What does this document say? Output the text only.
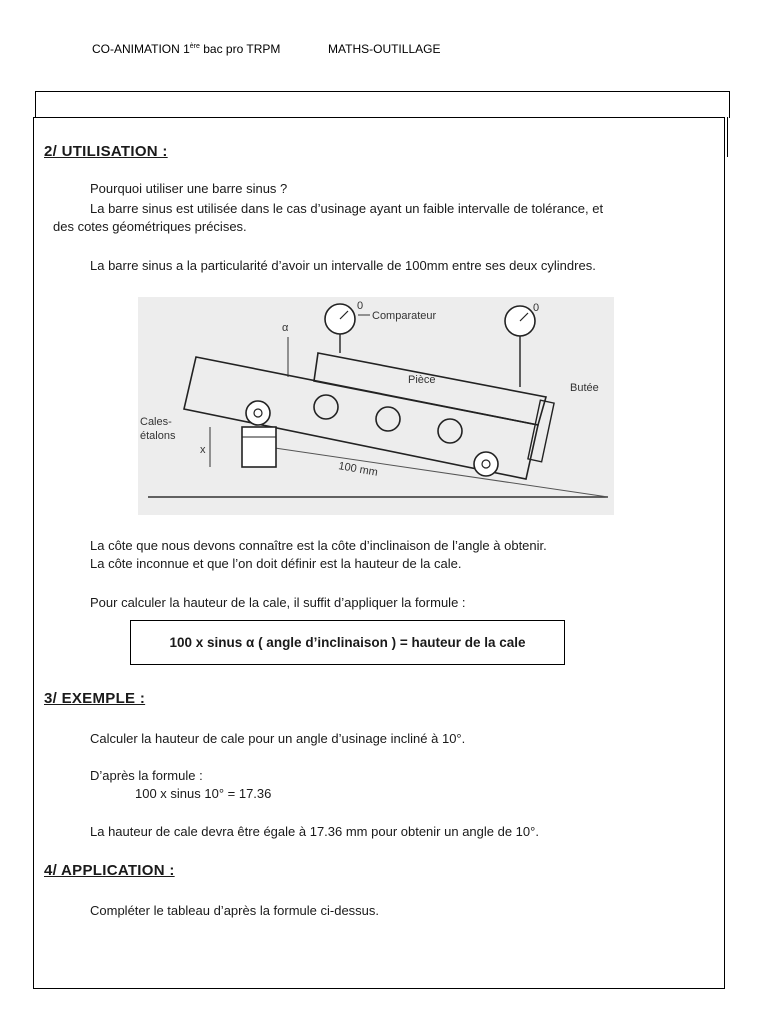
CO-ANIMATION 1ère bac pro TRPM	MATHS-OUTILLAGE
2/ UTILISATION :
Pourquoi utiliser une barre sinus ?
La barre sinus est utilisée dans le cas d’usinage ayant un faible intervalle de tolérance, et
des cotes géométriques précises.
La barre sinus a la particularité d’avoir un intervalle de 100mm entre ses deux cylindres.
x
0	0
Comparateur
Pièce
Butée
Cales-
étalons
100 mm
α
La côte que nous devons connaître est la côte d’inclinaison de l’angle à obtenir.
La côte inconnue et que l’on doit définir est la hauteur de la cale.
Pour calculer la hauteur de la cale, il suffit d’appliquer la formule :
100 x sinus α ( angle d’inclinaison ) = hauteur de la cale
3/ EXEMPLE :
Calculer la hauteur de cale pour un angle d’usinage incliné à 10°.
D’après la formule :
100 x sinus 10° = 17.36
La hauteur de cale devra être égale à 17.36 mm pour obtenir un angle de 10°.
4/ APPLICATION :
Compléter le tableau d’après la formule ci-dessus.
